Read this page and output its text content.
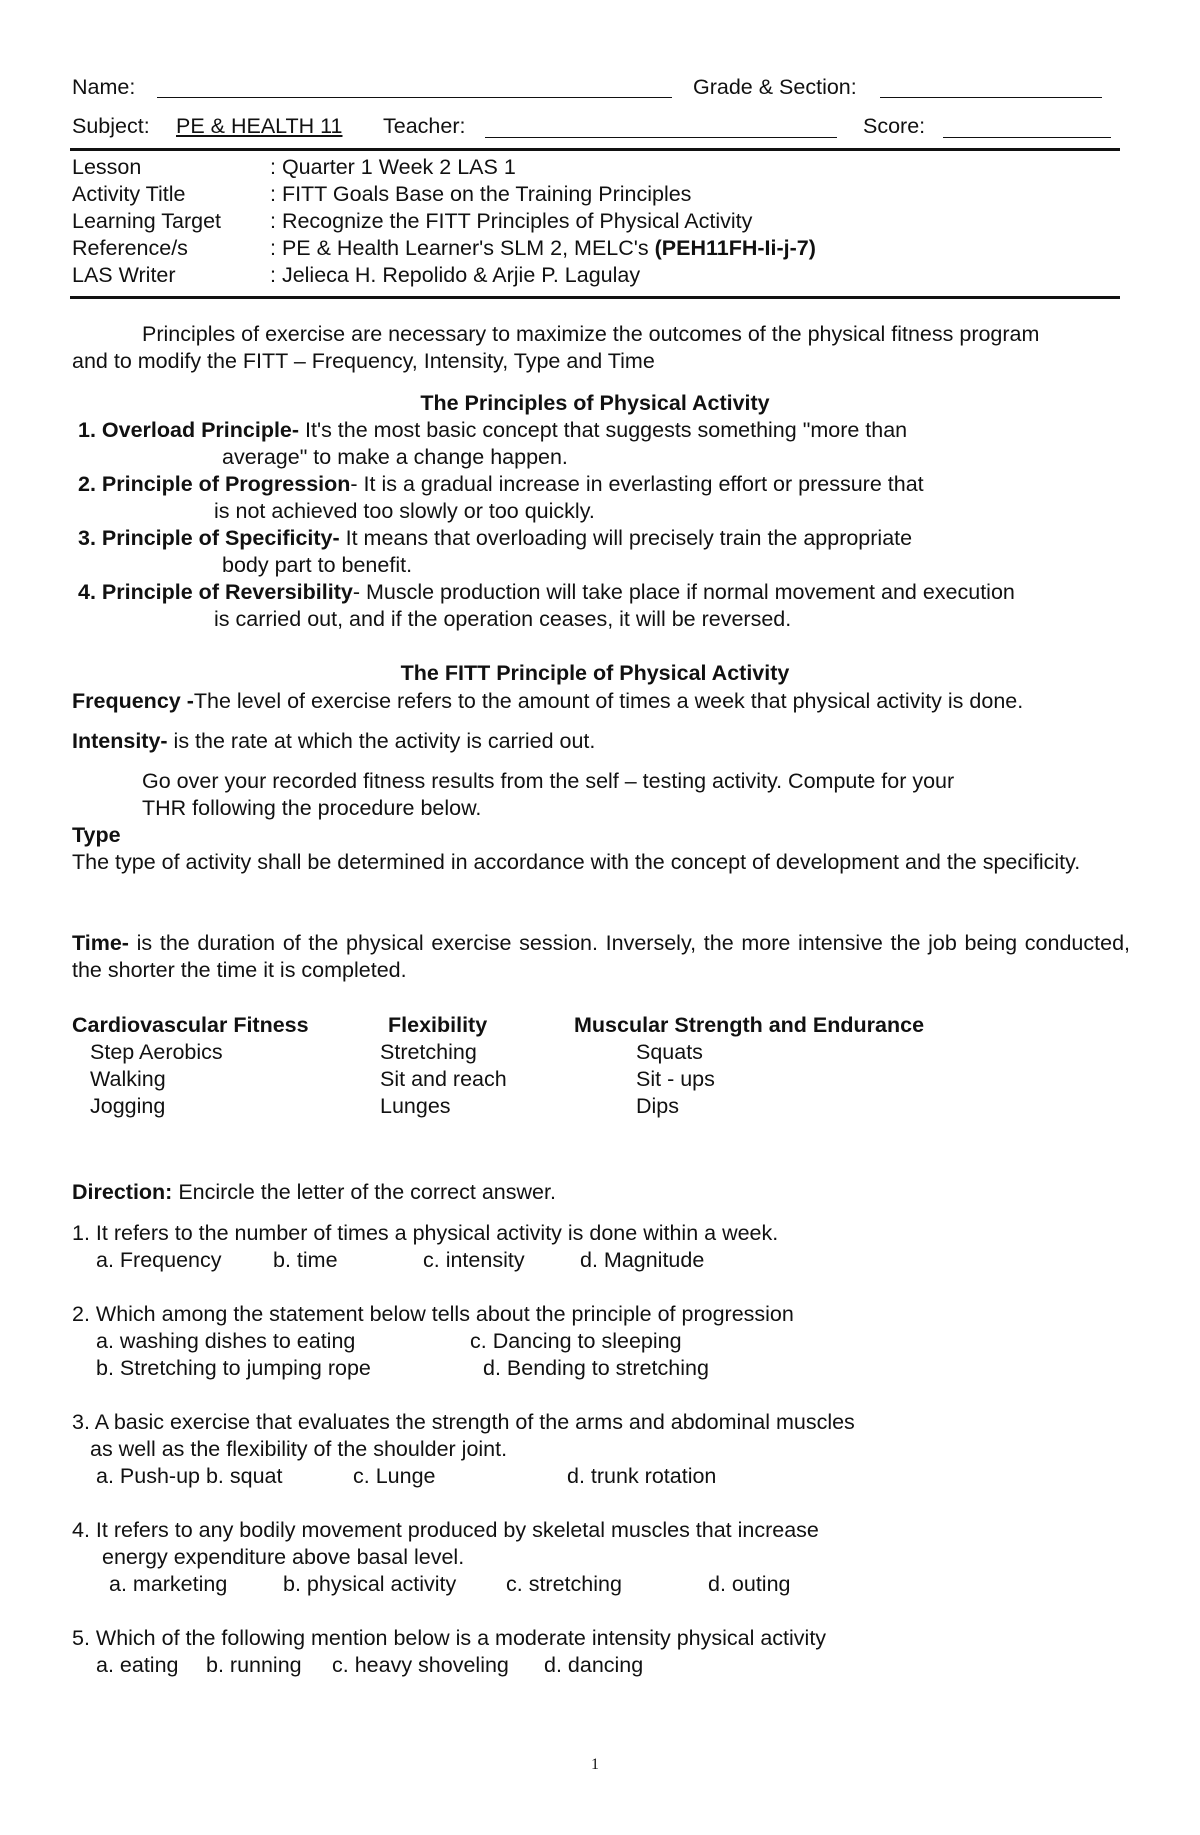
Name:	Grade & Section:
Subject: PE & HEALTH 11 Teacher:	Score:
Lesson	: Quarter 1 Week 2 LAS 1
Activity Title	: FITT Goals Base on the Training Principles
Learning Target : Recognize the FITT Principles of Physical Activity
Reference/s	: PE & Health Learner's SLM 2, MELC's (PEH11FH-Ii-j-7)
LAS Writer	: Jelieca H. Repolido & Arjie P. Lagulay
Principles of exercise are necessary to maximize the outcomes of the physical fitness program
and to modify the FITT – Frequency, Intensity, Type and Time
The Principles of Physical Activity
1. Overload Principle- It's the most basic concept that suggests something "more than
average" to make a change happen.
2. Principle of Progression- It is a gradual increase in everlasting effort or pressure that
is not achieved too slowly or too quickly.
3. Principle of Specificity- It means that overloading will precisely train the appropriate
body part to benefit.
4. Principle of Reversibility- Muscle production will take place if normal movement and execution
is carried out, and if the operation ceases, it will be reversed.
The FITT Principle of Physical Activity
Frequency -The level of exercise refers to the amount of times a week that physical activity is done.
Intensity- is the rate at which the activity is carried out.
Go over your recorded fitness results from the self – testing activity. Compute for your
THR following the procedure below.
Type
The type of activity shall be determined in accordance with the concept of development and the specificity.
Time- is the duration of the physical exercise session. Inversely, the more intensive the job being conducted, the shorter the time it is completed.
Cardiovascular Fitness	Flexibility	Muscular Strength and Endurance
Step Aerobics	Stretching	Squats
Walking	Sit and reach	Sit - ups
Jogging	Lunges	Dips
Direction: Encircle the letter of the correct answer.
1. It refers to the number of times a physical activity is done within a week.
a. Frequency b. time	c. intensity	d. Magnitude
2. Which among the statement below tells about the principle of progression
a. washing dishes to eating	c. Dancing to sleeping
b. Stretching to jumping rope	d. Bending to stretching
3. A basic exercise that evaluates the strength of the arms and abdominal muscles
as well as the flexibility of the shoulder joint.
a. Push-up b. squat	c. Lunge	d. trunk rotation
4. It refers to any bodily movement produced by skeletal muscles that increase
energy expenditure above basal level.
a. marketing	b. physical activity c. stretching	d. outing
5. Which of the following mention below is a moderate intensity physical activity
a. eating b. running c. heavy shoveling d. dancing
1
